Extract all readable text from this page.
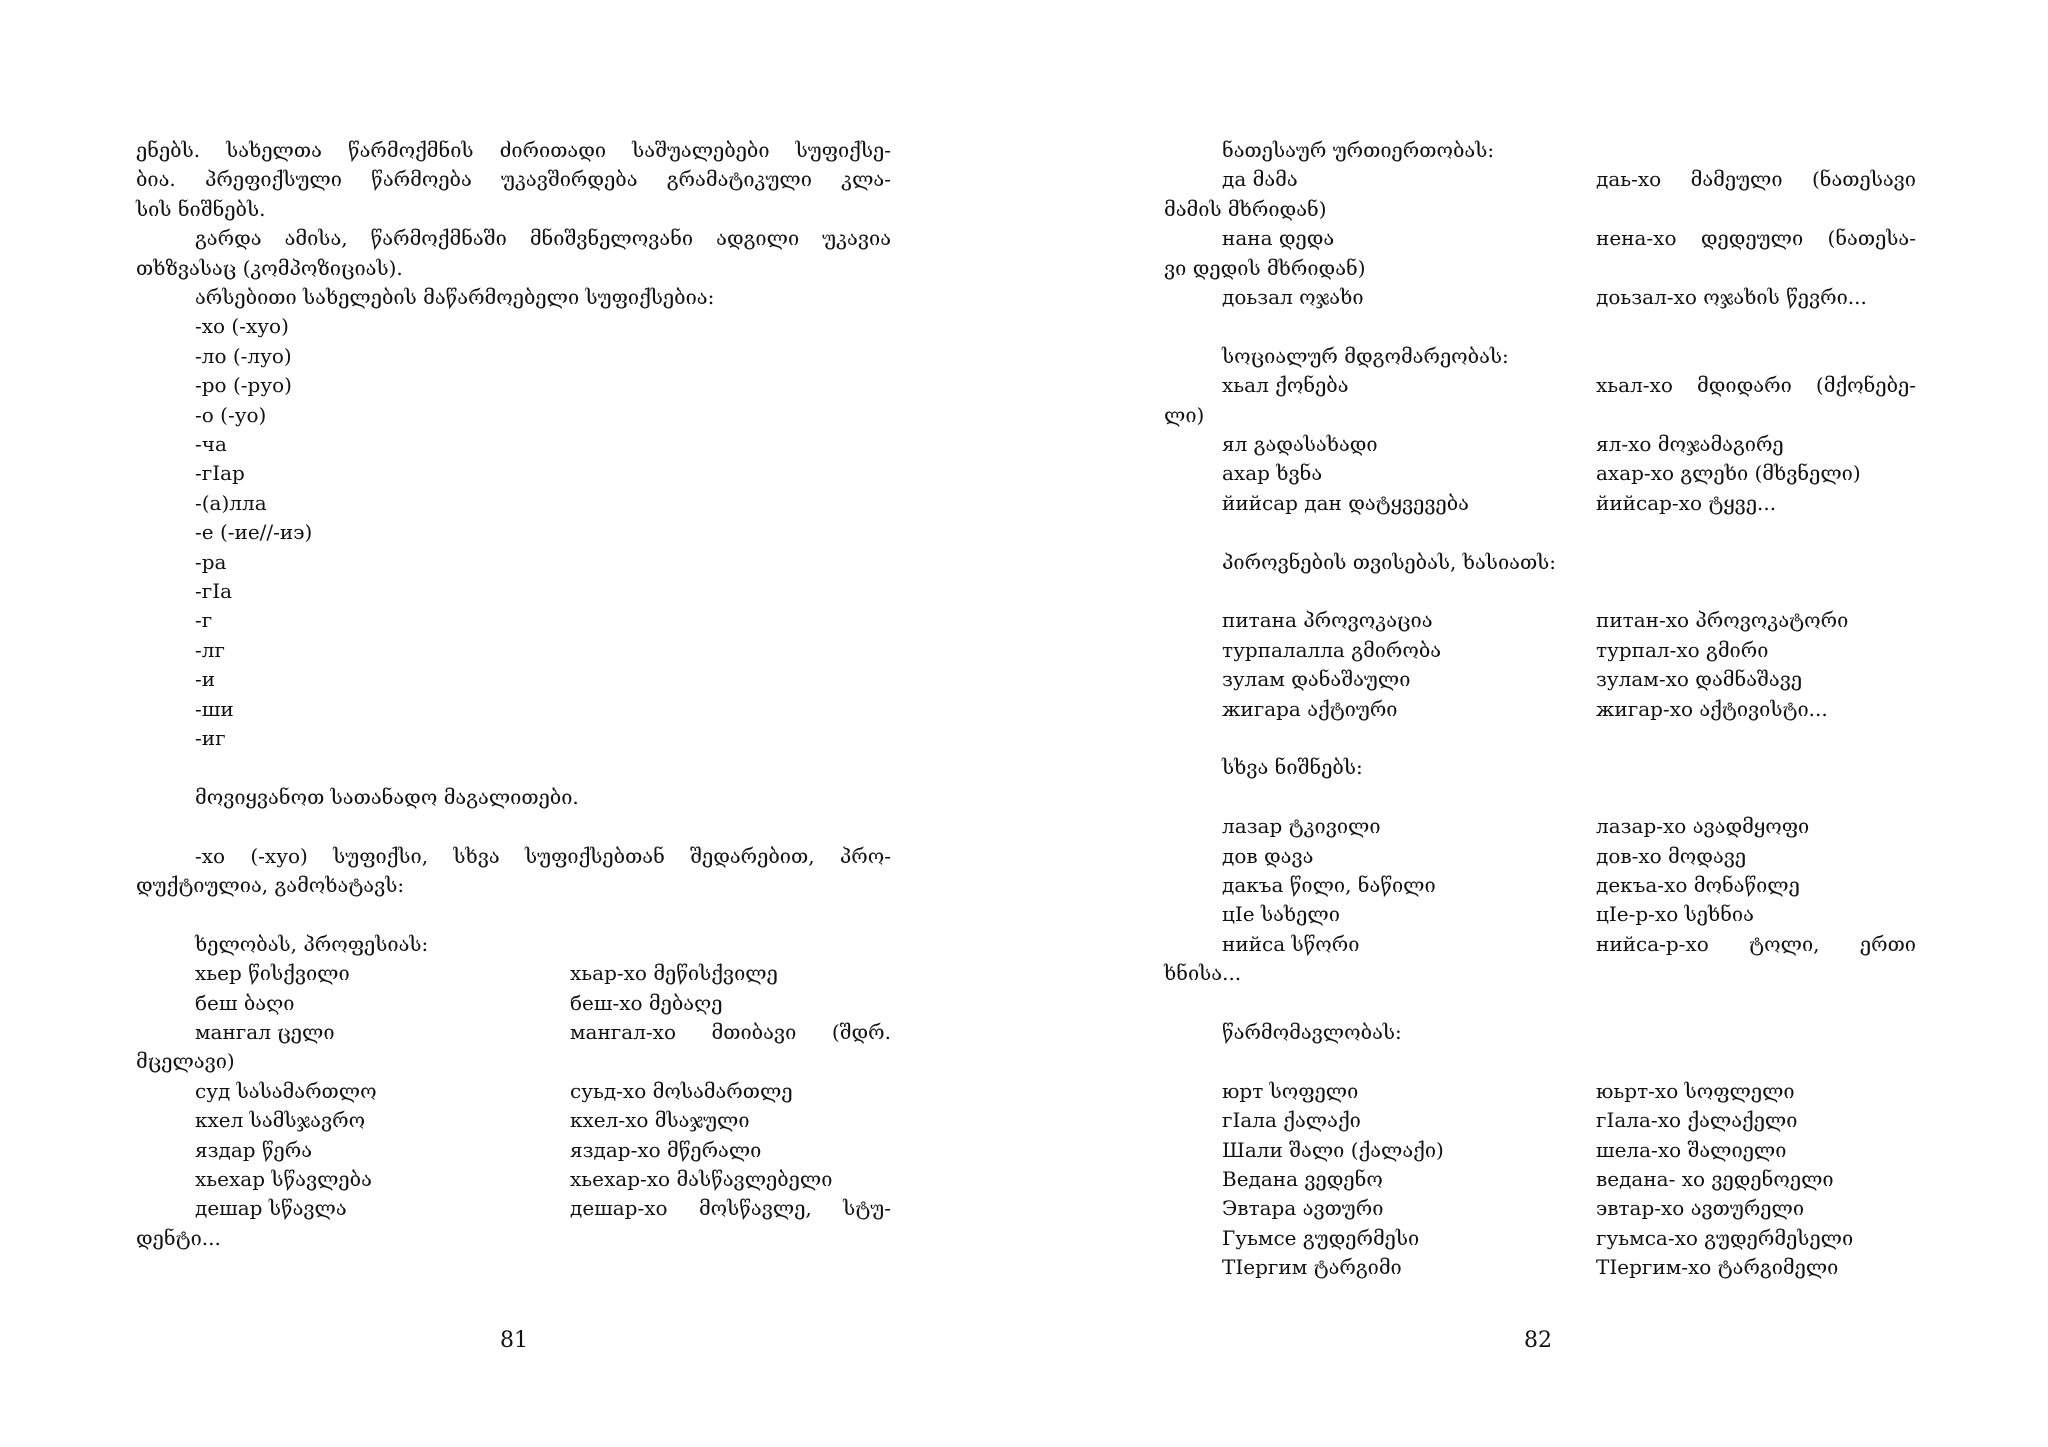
ენებს. სახელთა წარმოქმნის ძირითადი საშუალებები სუფიქსე-
ბია. პრეფიქსული წარმოება უკავშირდება გრამატიკული კლა-
სის ნიშნებს.
გარდა ამისა, წარმოქმნაში მნიშვნელოვანი ადგილი უკავია
თხზვასაც (კომპოზიციას).
არსებითი სახელების მაწარმოებელი სუფიქსებია:
-хо (-хуо)
-ло (-луо)
-ро (-руо)
-о (-уо)
-ча
-гIар
-(а)лла
-е (-ие//-иэ)
-ра
-гIа
-г
-лг
-и
-ши
-иг
მოვიყვანოთ სათანადო მაგალითები.
-хо (-хуо) სუფიქსი, სხვა სუფიქსებთან შედარებით, პრო-
დუქტიულია, გამოხატავს:
ხელობას, პროფესიას:
хьер წისქვილი	хьар-хо მეწისქვილე
беш ბაღი	беш-хо მებაღე
мангал ცელი	мангал-хо მთიბავი (შდრ.
მცელავი)
суд სასამართლო	суьд-хо მოსამართლე
кхел სამსჯავრო	кхел-хо მსაჯული
яздар წერა	яздар-хо მწერალი
хьехар სწავლება	хьехар-хо მასწავლებელი
дешар სწავლა	дешар-хо მოსწავლე, სტუ-
დენტი...
81
ნათესაურ ურთიერთობას:
да მამა	даь-хо მამეული (ნათესავი
მამის მხრიდან)
нана დედა	нена-хо დედეული (ნათესა-
ვი დედის მხრიდან)
доьзал ოჯახი	доьзал-хо ოჯახის წევრი...
სოციალურ მდგომარეობას:
хьал ქონება	хьал-хо მდიდარი (მქონებე-
ლი)
ял გადასახადი	ял-хо მოჯამაგირე
ахар ხვნა	ахар-хо გლეხი (მხვნელი)
йийсар дан დატყვევება	йийсар-хо ტყვე...
პიროვნების თვისებას, ხასიათს:
питана პროვოკაცია	питан-хо პროვოკატორი
турпалалла გმირობა	турпал-хо გმირი
зулам დანაშაული	зулам-хо დამნაშავე
жигара აქტიური	жигар-хо აქტივისტი...
სხვა ნიშნებს:
лазар ტკივილი	лазар-хо ავადმყოფი
дов დავა	дов-хо მოდავე
дакъа წილი, ნაწილი	декъа-хо მონაწილე
цIе სახელი	цIе-р-хо სეხნია
нийса სწორი	нийса-р-хо ტოლი, ერთი
ხნისა...
წარმომავლობას:
юрт სოფელი	юьрт-хо სოფლელი
гIала ქალაქი	гIала-хо ქალაქელი
Шали შალი (ქალაქი)	шела-хо შალიელი
Ведана ვედენო	ведана- хо ვედენოელი
Эвтара ავთური	эвтар-хо ავთურელი
Гуьмсе გუდერმესი	гуьмса-хо გუდერმესელი
ТIергим ტარგიმი	ТIергим-хо ტარგიმელი
82
